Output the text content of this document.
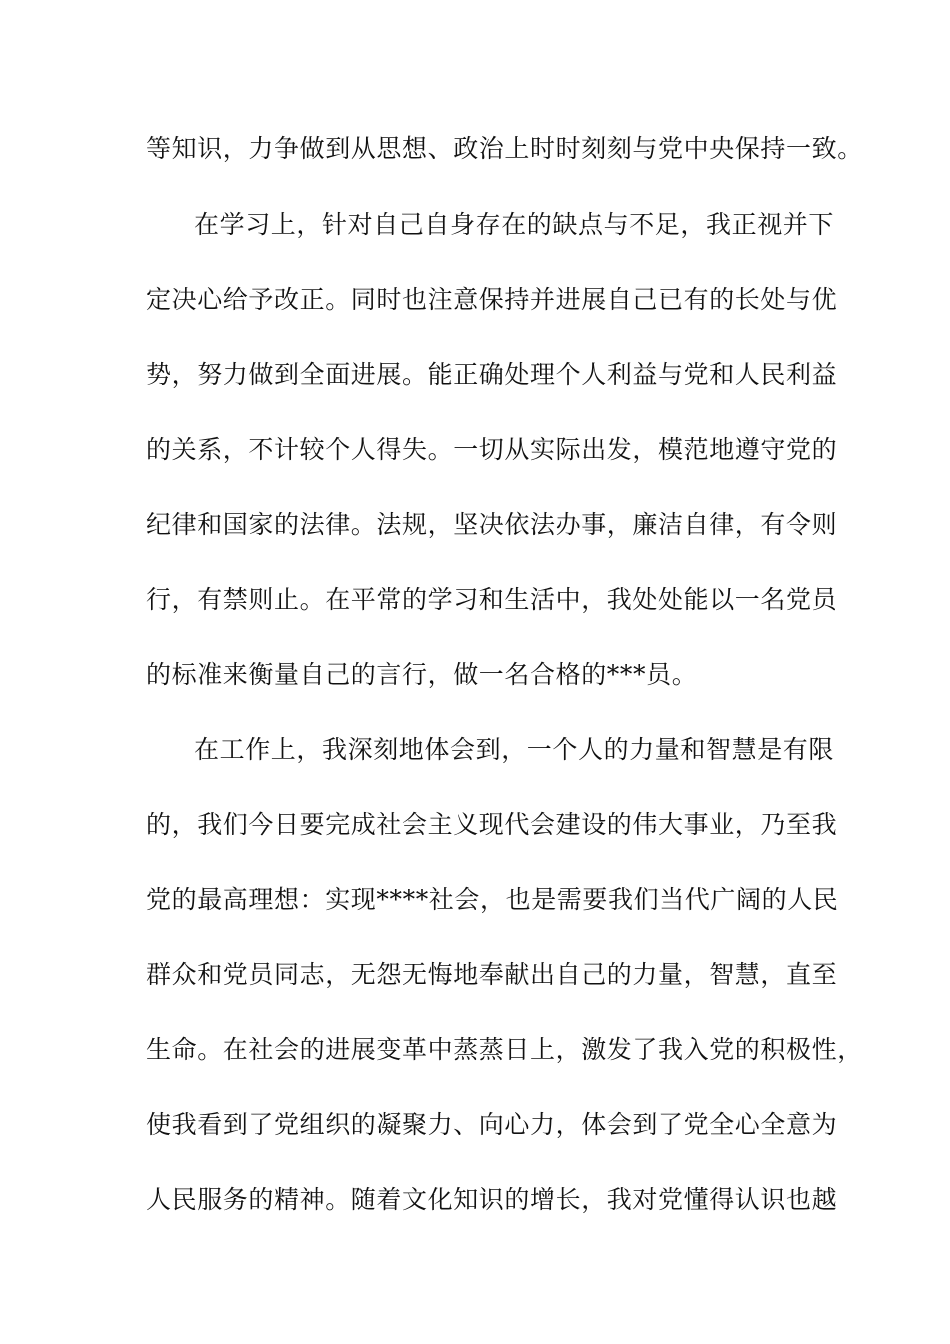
等知识，力争做到从思想、政治上时时刻刻与党中央保持一致。
在学习上，针对自己自身存在的缺点与不足，我正视并下
定决心给予改正。同时也注意保持并进展自己已有的长处与优
势，努力做到全面进展。能正确处理个人利益与党和人民利益
的关系，不计较个人得失。一切从实际出发，模范地遵守党的
纪律和国家的法律。法规，坚决依法办事，廉洁自律，有令则
行，有禁则止。在平常的学习和生活中，我处处能以一名党员
的标准来衡量自己的言行，做一名合格的***员。
在工作上，我深刻地体会到，一个人的力量和智慧是有限
的，我们今日要完成社会主义现代会建设的伟大事业，乃至我
党的最高理想：实现****社会，也是需要我们当代广阔的人民
群众和党员同志，无怨无悔地奉献出自己的力量，智慧，直至
生命。在社会的进展变革中蒸蒸日上，激发了我入党的积极性，
使我看到了党组织的凝聚力、向心力，体会到了党全心全意为
人民服务的精神。随着文化知识的增长，我对党懂得认识也越
